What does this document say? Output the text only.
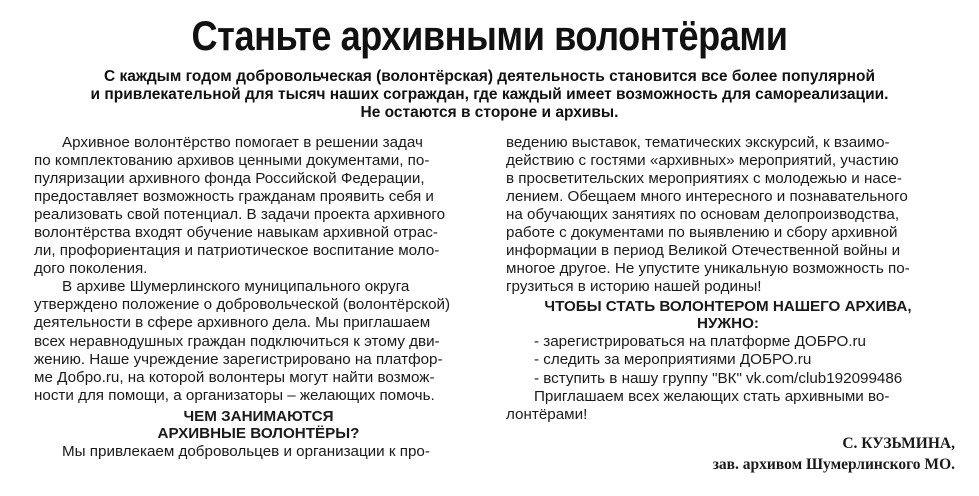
Станьте архивными волонтёрами
С каждым годом добровольческая (волонтёрская) деятельность становится все более популярной
и привлекательной для тысяч наших сограждан, где каждый имеет возможность для самореализации.
Не остаются в стороне и архивы.

Архивное волонтёрство помогает в решении задач
по комплектованию архивов ценными документами, по-
пуляризации архивного фонда Российской Федерации,
предоставляет возможность гражданам проявить себя и
реализовать свой потенциал. В задачи проекта архивного
волонтёрства входят обучение навыкам архивной отрас-
ли, профориентация и патриотическое воспитание моло-
дого поколения.

В архиве Шумерлинского муниципального округа
утверждено положение о добровольческой (волонтёрской)
деятельности в сфере архивного дела. Мы приглашаем
всех неравнодушных граждан подключиться к этому дви-
жению. Наше учреждение зарегистрировано на платфор-
ме Добро.ru, на которой волонтеры могут найти возмож-
ности для помощи, а организаторы – желающих помочь.

ЧЕМ ЗАНИМАЮТСЯ
АРХИВНЫЕ ВОЛОНТЁРЫ?

Мы привлекаем добровольцев и организации к про-

ведению выставок, тематических экскурсий, к взаимо-
действию с гостями «архивных» мероприятий, участию
в просветительских мероприятиях с молодежью и насе-
лением. Обещаем много интересного и познавательного
на обучающих занятиях по основам делопроизводства,
работе с документами по выявлению и сбору архивной
информации в период Великой Отечественной войны и
многое другое. Не упустите уникальную возможность по-
грузиться в историю нашей родины!

ЧТОБЫ СТАТЬ ВОЛОНТЕРОМ НАШЕГО АРХИВА,
НУЖНО:
- зарегистрироваться на платформе ДОБРО.ru
- следить за мероприятиями ДОБРО.ru
- вступить в нашу группу "ВК" vk.com/club192099486

Приглашаем всех желающих стать архивными во-
лонтёрами!

С. КУЗЬМИНА,
зав. архивом Шумерлинского МО.
